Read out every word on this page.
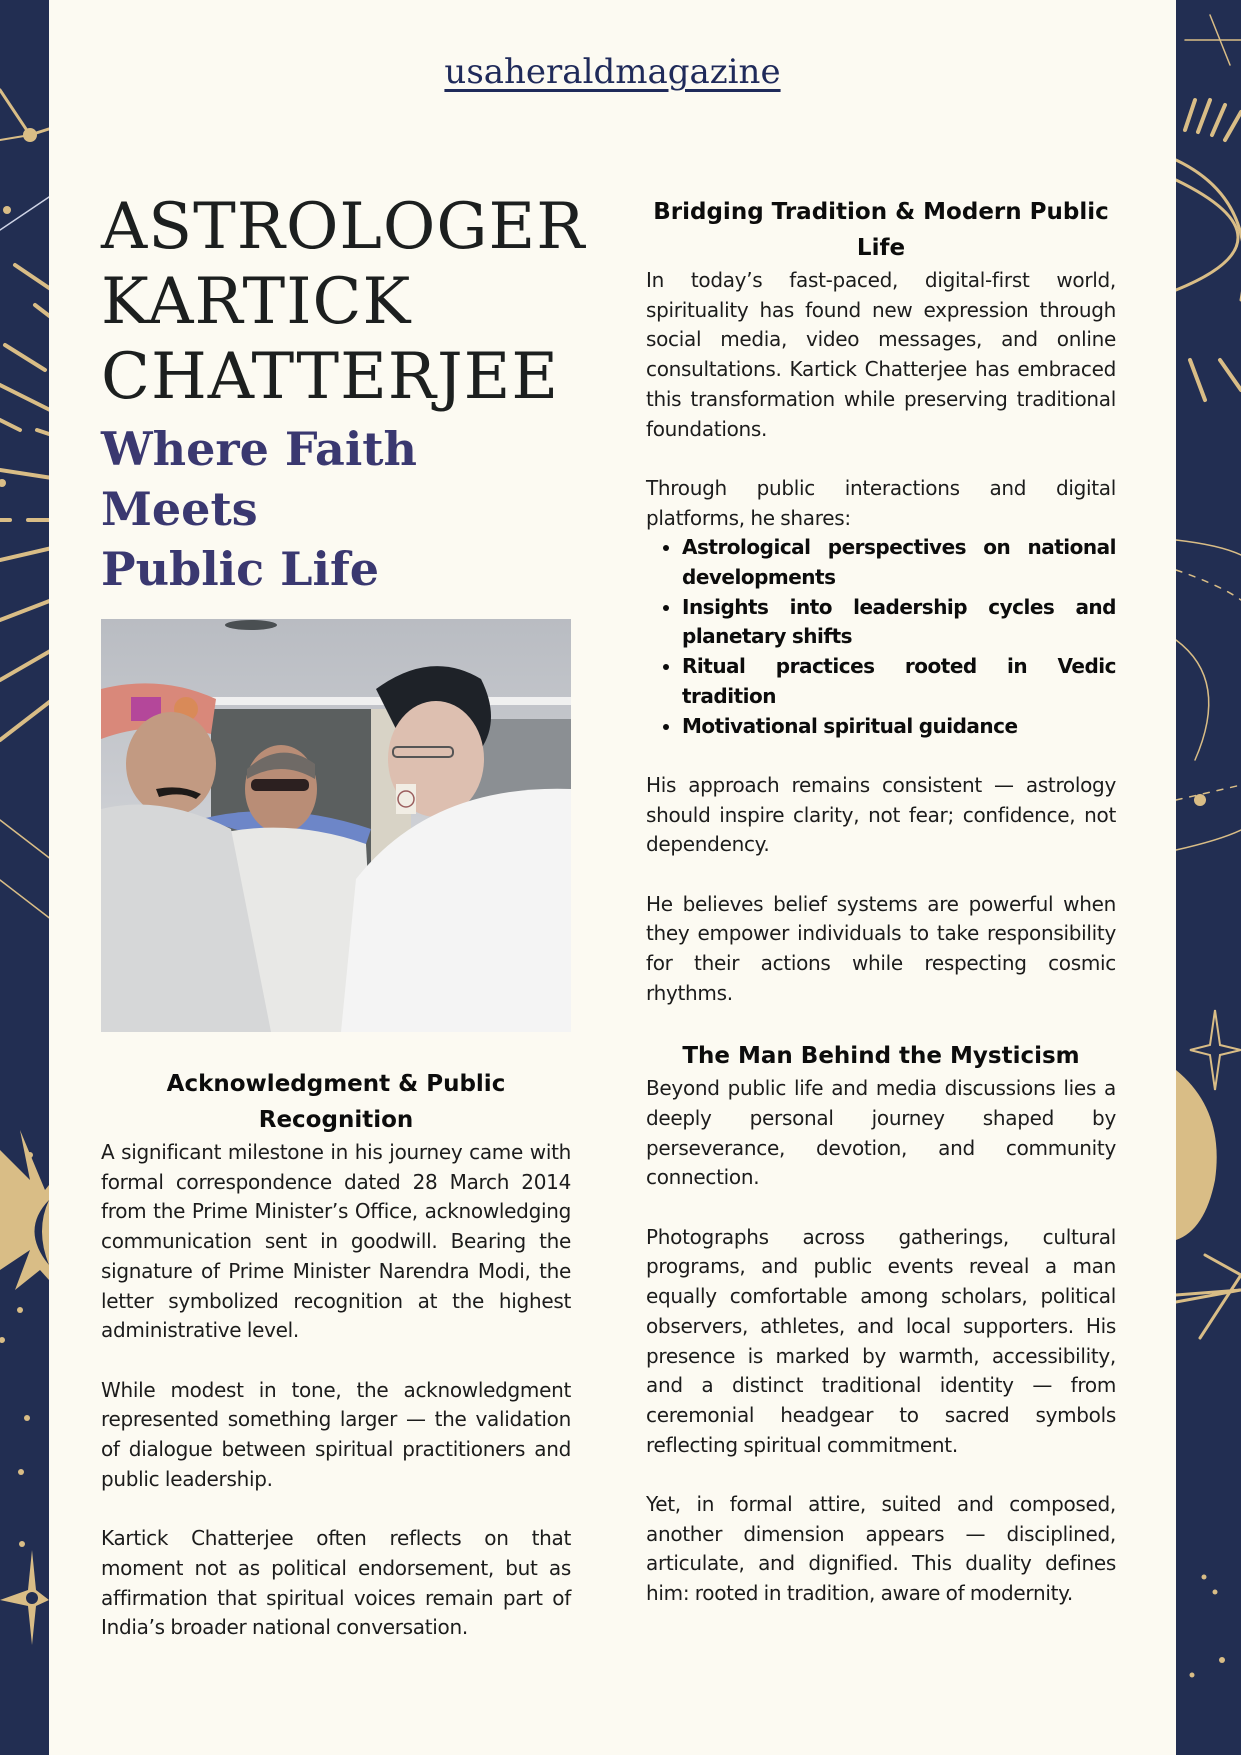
usaheraldmagazine
ASTROLOGER
KARTICK
CHATTERJEE
Where Faith Meets
Public Life
Acknowledgment & Public Recognition

A significant milestone in his journey came with formal correspondence dated 28 March 2014 from the Prime Minister’s Office, acknowledging communication sent in goodwill. Bearing the signature of Prime Minister Narendra Modi, the letter symbolized recognition at the highest administrative level.

While modest in tone, the acknowledgment represented something larger — the validation of dialogue between spiritual practitioners and public leadership.

Kartick Chatterjee often reflects on that moment not as political endorsement, but as affirmation that spiritual voices remain part of India’s broader national conversation.

Bridging Tradition & Modern Public Life

In today’s fast-paced, digital-first world, spirituality has found new expression through social media, video messages, and online consultations. Kartick Chatterjee has embraced this transformation while preserving traditional foundations.

Through public interactions and digital platforms, he shares:

• Astrological perspectives on national developments
• Insights into leadership cycles and planetary shifts
• Ritual practices rooted in Vedic tradition
• Motivational spiritual guidance

His approach remains consistent — astrology should inspire clarity, not fear; confidence, not dependency.

He believes belief systems are powerful when they empower individuals to take responsibility for their actions while respecting cosmic rhythms.

The Man Behind the Mysticism

Beyond public life and media discussions lies a deeply personal journey shaped by perseverance, devotion, and community connection.

Photographs across gatherings, cultural programs, and public events reveal a man equally comfortable among scholars, political observers, athletes, and local supporters. His presence is marked by warmth, accessibility, and a distinct traditional identity — from ceremonial headgear to sacred symbols reflecting spiritual commitment.

Yet, in formal attire, suited and composed, another dimension appears — disciplined, articulate, and dignified. This duality defines him: rooted in tradition, aware of modernity.
